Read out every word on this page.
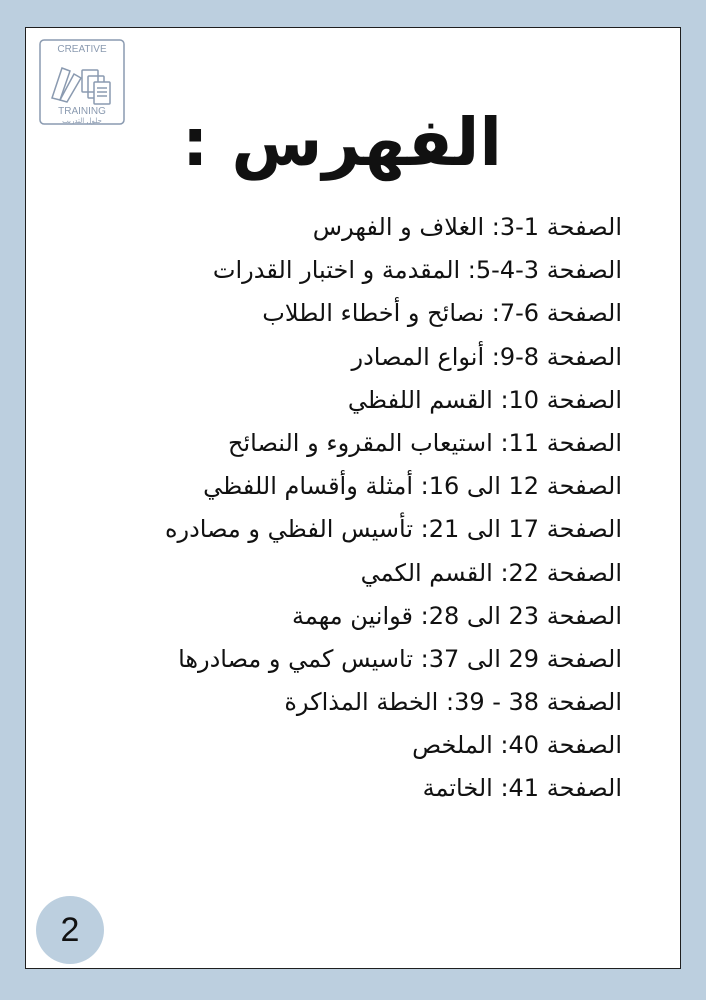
CREATIVE
TRAINING
حلول التدريب الفهرس :
الصفحة 1-3: الغلاف و الفهرس
الصفحة 3-4-5: المقدمة و اختبار القدرات
الصفحة 6-7: نصائح و أخطاء الطلاب
الصفحة 8-9: أنواع المصادر
الصفحة 10: القسم اللفظي
الصفحة 11: استيعاب المقروء و النصائح
الصفحة 12 الى 16: أمثلة وأقسام اللفظي
الصفحة 17 الى 21: تأسيس الفظي و مصادره
الصفحة 22: القسم الكمي
الصفحة 23 الى 28: قوانين مهمة
الصفحة 29 الى 37: تاسيس كمي و مصادرها
الصفحة 38 - 39: الخطة المذاكرة
الصفحة 40: الملخص
الصفحة 41: الخاتمة
2
